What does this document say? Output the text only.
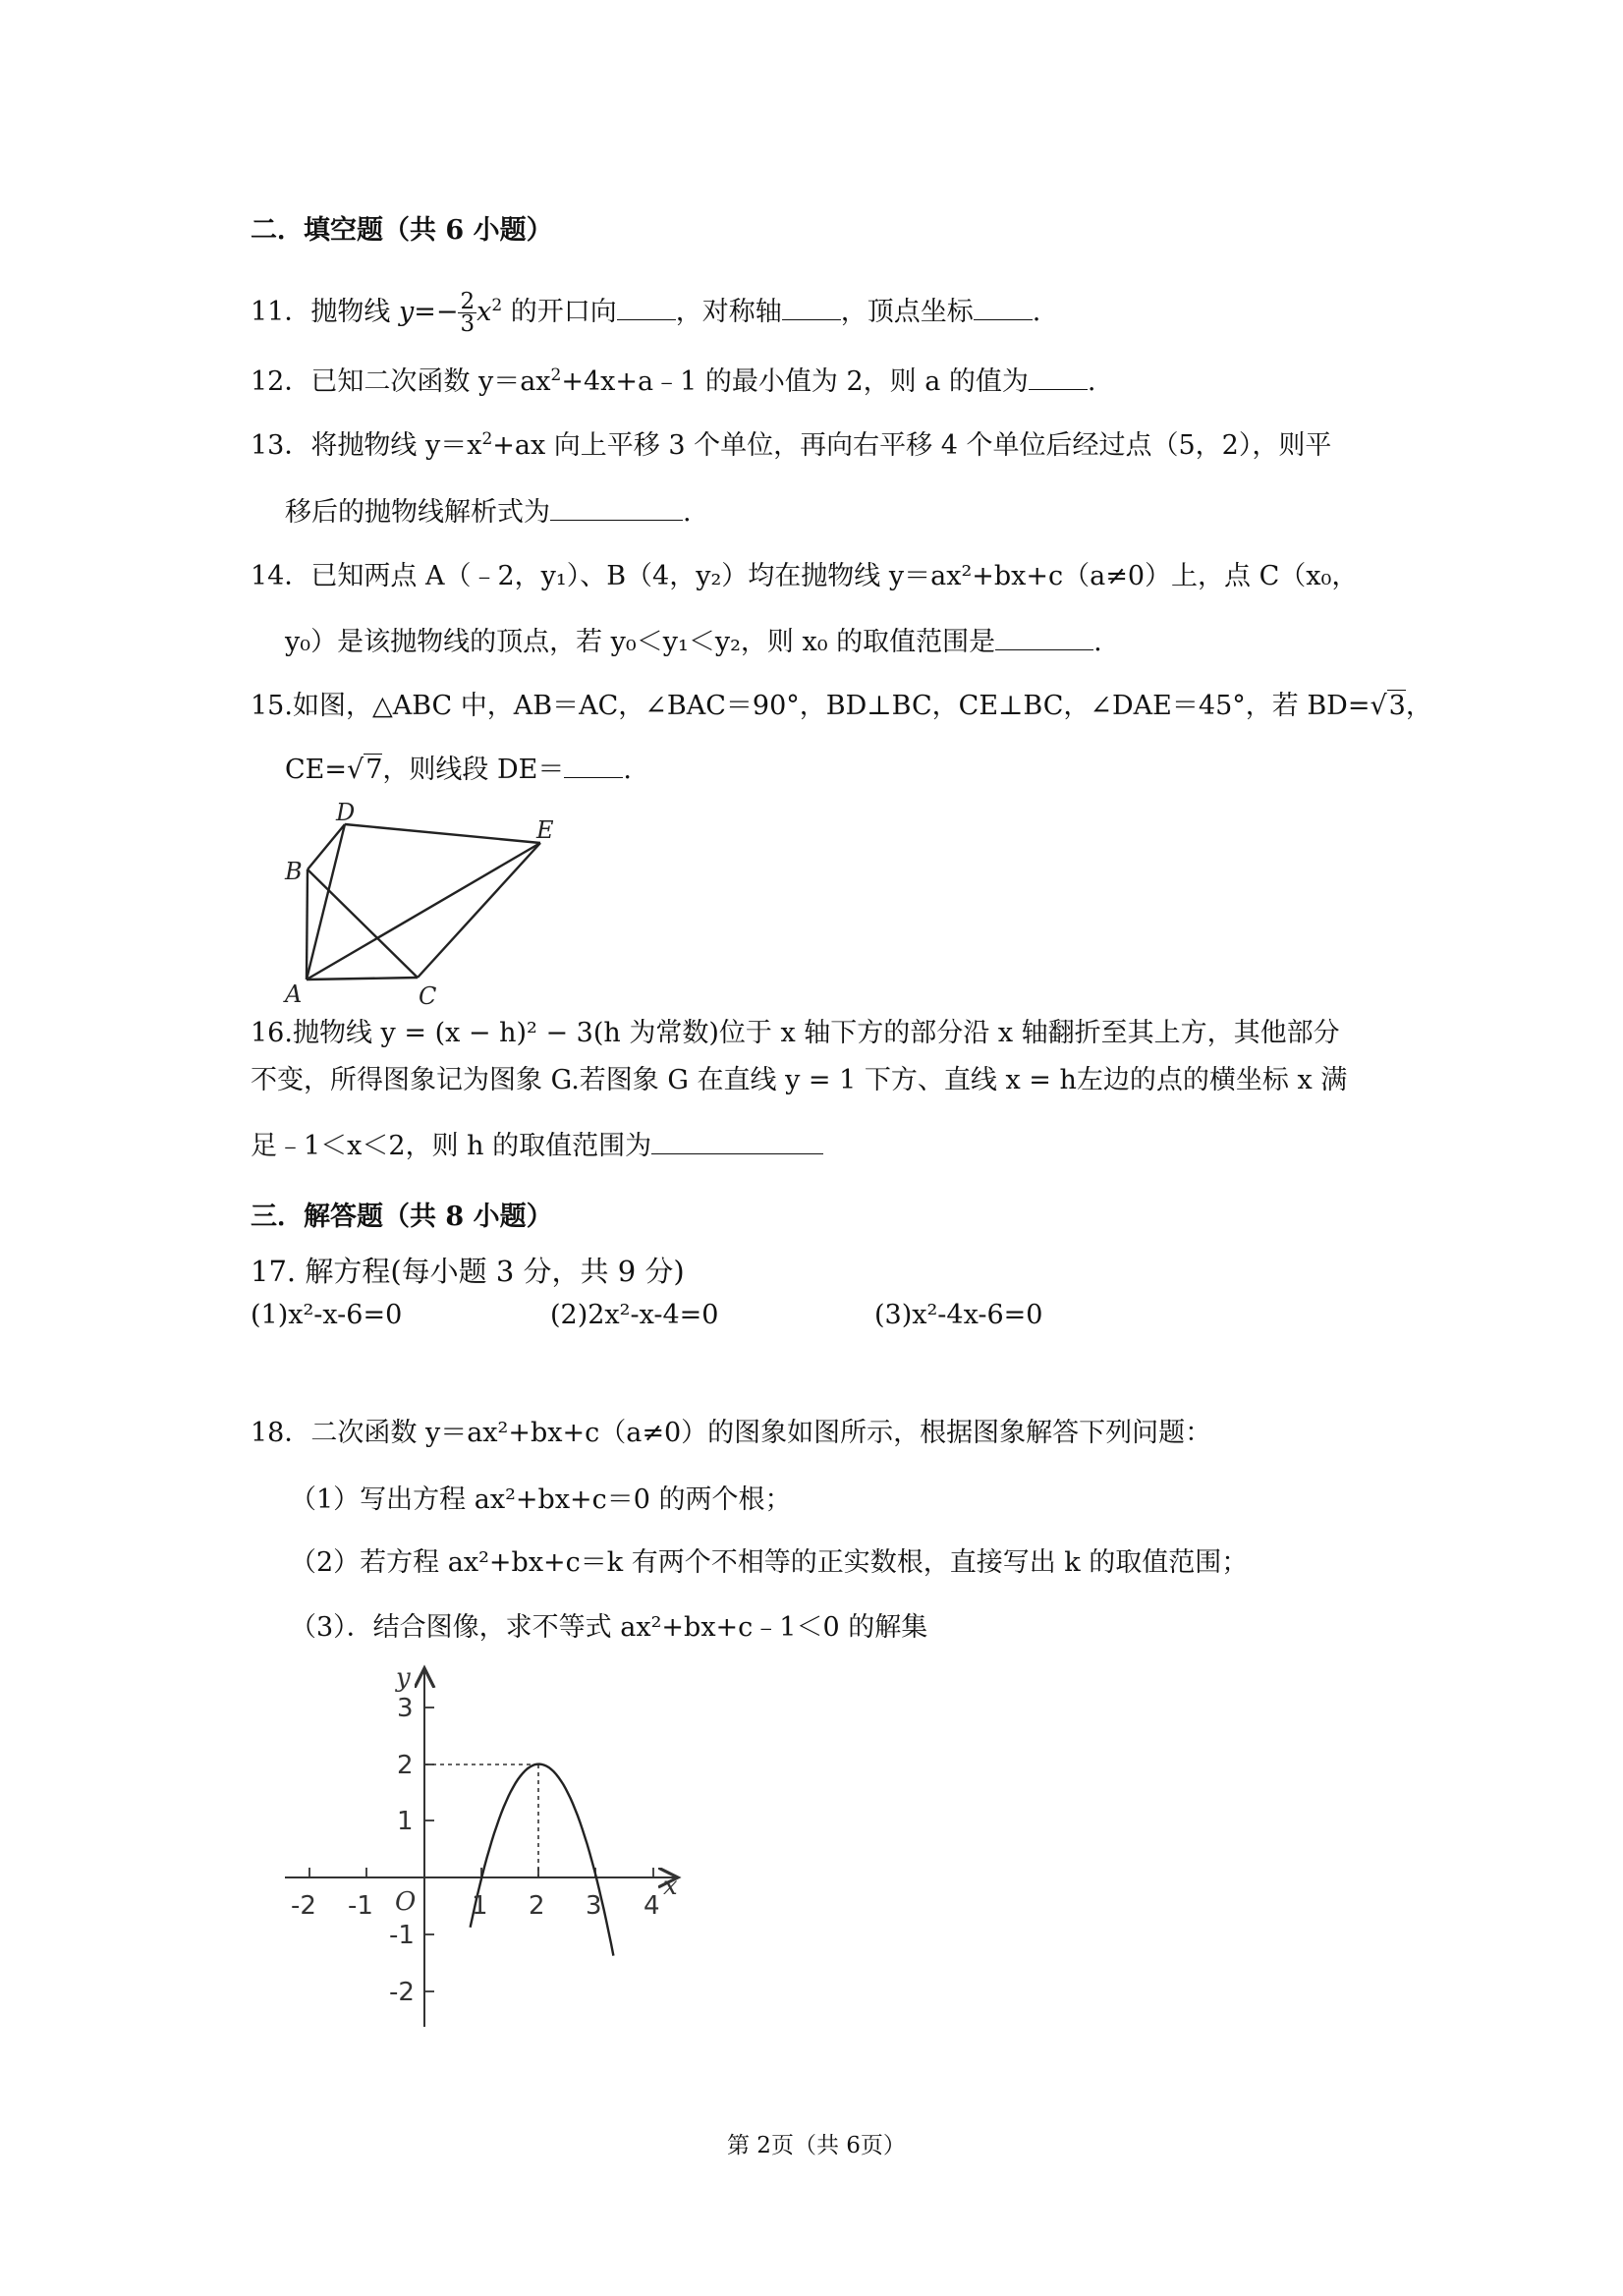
二．填空题（共 6 小题）
11．抛物线 $y=- \frac{2}{3} x^2$ 的开口向 ，对称轴 ，顶点坐标 .
12．已知二次函数 $y=ax^2+4x+a﹣1$ 的最小值为 2，则 a 的值为 .
13．将抛物线 $y=x^2+ax$ 向上平移 3 个单位，再向右平移 4 个单位后经过点（5，2），则平
移后的抛物线解析式为	.
14．已知两点 A（﹣2，y₁）、B（4，y₂）均在抛物线 y＝ax²+bx+c（a≠0）上，点 C（x₀，
y₀）是该抛物线的顶点，若 y₀＜y₁＜y₂，则 x₀ 的取值范围是	.
15.如图，△ABC 中，AB＝AC，∠BAC＝90°，BD⊥BC，CE⊥BC，∠DAE＝45°，若 BD=√3，
CE=√7，则线段 DE＝ .
A
B
C
D
E
16.抛物线 y = (x − h)² − 3(h 为常数)位于 x 轴下方的部分沿 x 轴翻折至其上方，其他部分
不变，所得图象记为图象 G.若图象 G 在直线 y = 1 下方、直线 x = h左边的点的横坐标 x 满
足﹣1＜x＜2，则 h 的取值范围为
三．解答题（共 8 小题）
17. 解方程(每小题 3 分，共 9 分)
(1)x²-x-6=0	(2)2x²-x-4=0	(3)x²-4x-6=0
18．二次函数 y＝ax²+bx+c（a≠0）的图象如图所示，根据图象解答下列问题：
（1）写出方程 ax²+bx+c＝0 的两个根；
（2）若方程 ax²+bx+c＝k 有两个不相等的正实数根，直接写出 k 的取值范围；
（3）．结合图像，求不等式 ax²+bx+c﹣1＜0 的解集
-2 -1	1 2 3 4
3
2
1
-1
-2
y
x
O
第 2页（共 6页）
